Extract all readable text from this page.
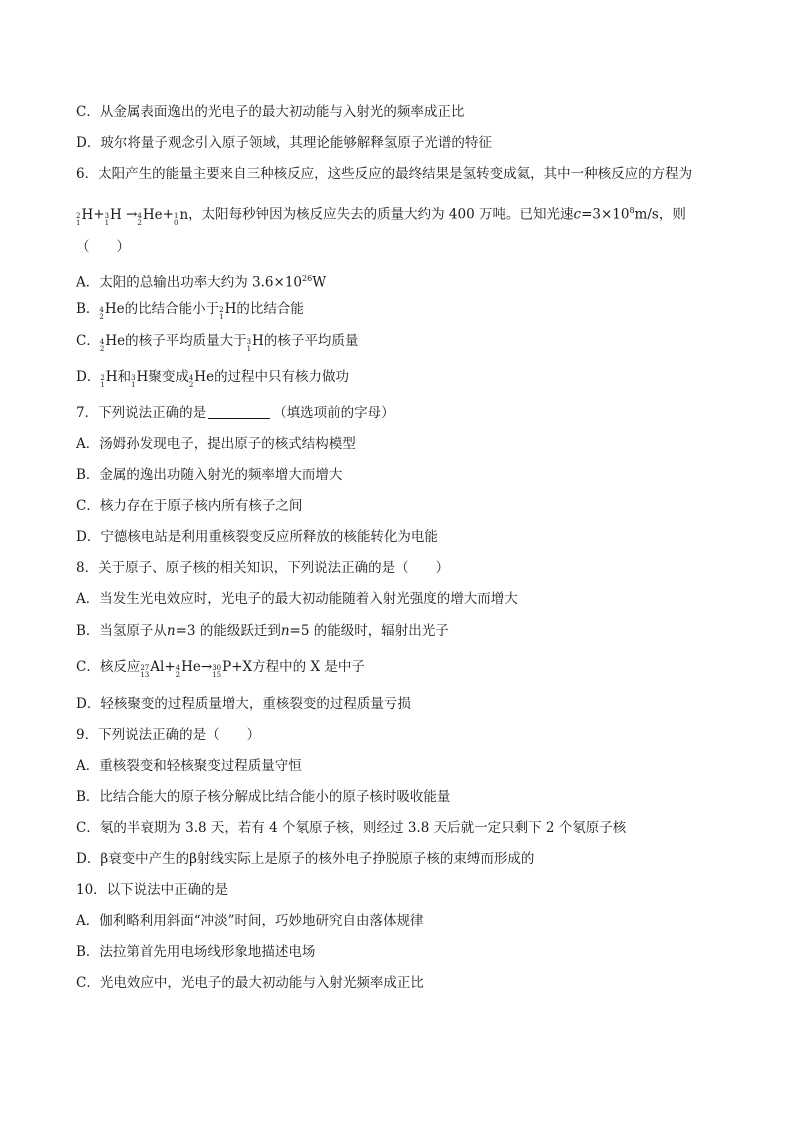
C．从金属表面逸出的光电子的最大初动能与入射光的频率成正比
D．玻尔将量子观念引入原子领域，其理论能够解释氢原子光谱的特征
6．太阳产生的能量主要来自三种核反应，这些反应的最终结果是氢转变成氦，其中一种核反应的方程为
2
1 H+ 3
1 H → 4
2 He+ 1
0 n，太阳每秒钟因为核反应失去的质量大约为 400 万吨。已知光速$c=3\times 10^8m/s$，则
（　　）
A．太阳的总输出功率大约为 $3.6\times 10^{26}W$
B． 4
2 He的比结合能小于 2
1 H的比结合能
C． 4
2 He的核子平均质量大于 3
1 H的核子平均质量
D． 2
1 H和 3
1 H聚变成 4
2 He的过程中只有核力做功
7．下列说法正确的是	（填选项前的字母）
A．汤姆孙发现电子，提出原子的核式结构模型
B．金属的逸出功随入射光的频率增大而增大
C．核力存在于原子核内所有核子之间
D．宁德核电站是利用重核裂变反应所释放的核能转化为电能
8．关于原子、原子核的相关知识，下列说法正确的是（　　）
A．当发生光电效应时，光电子的最大初动能随着入射光强度的增大而增大
B．当氢原子从n=3 的能级跃迁到n=5 的能级时，辐射出光子
C．核反应 27
13 Al+ 4
2 He→ 30
15 P+X方程中的 X 是中子
D．轻核聚变的过程质量增大，重核裂变的过程质量亏损
9．下列说法正确的是（　　）
A．重核裂变和轻核聚变过程质量守恒
B．比结合能大的原子核分解成比结合能小的原子核时吸收能量
C．氡的半衰期为 3.8 天，若有 4 个氡原子核，则经过 3.8 天后就一定只剩下 2 个氡原子核
D．β衰变中产生的β射线实际上是原子的核外电子挣脱原子核的束缚而形成的
10．以下说法中正确的是
A．伽利略利用斜面“冲淡”时间，巧妙地研究自由落体规律
B．法拉第首先用电场线形象地描述电场
C．光电效应中，光电子的最大初动能与入射光频率成正比
